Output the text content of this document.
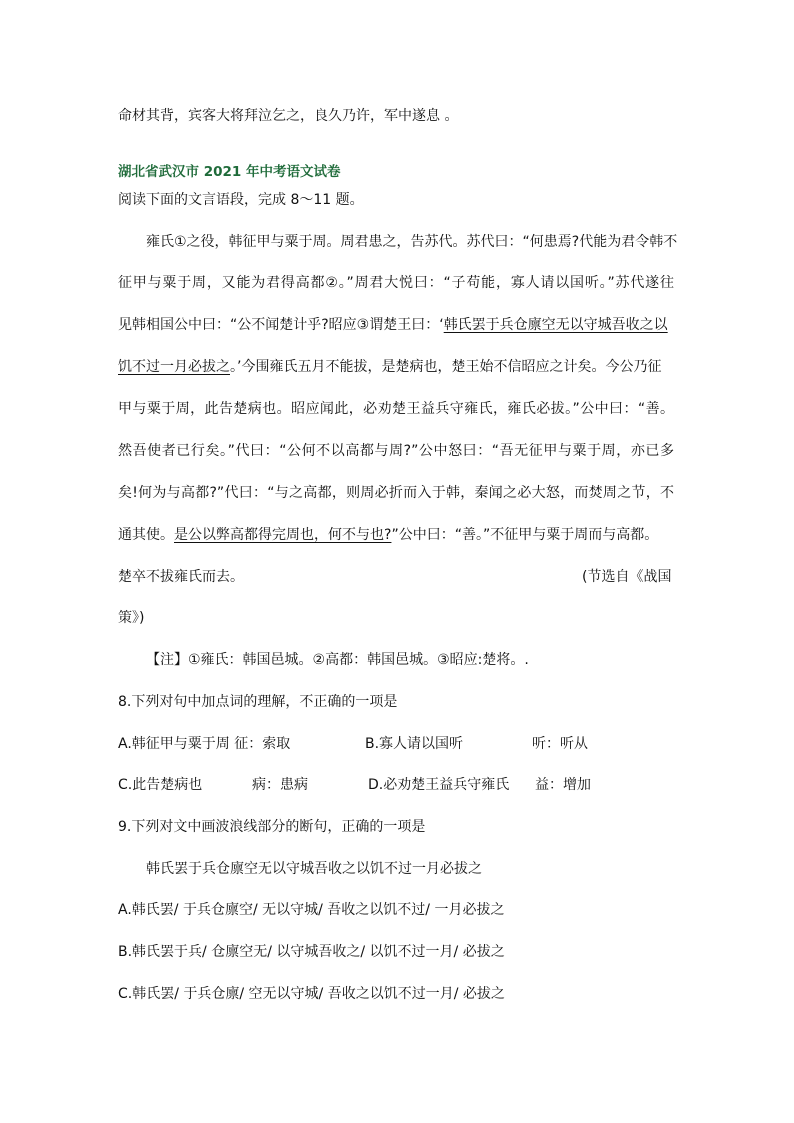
命材其背，宾客大将拜泣乞之，良久乃许，军中遂息 。
湖北省武汉市 2021 年中考语文试卷
阅读下面的文言语段，完成 8～11 题。
雍氏①之役，韩征甲与粟于周。周君患之，告苏代。苏代曰：“何患焉?代能为君令韩不
征甲与粟于周，又能为君得高都②。”周君大悦曰：“子苟能，寡人请以国听。”苏代遂往
见韩相国公中曰：“公不闻楚计乎?昭应③谓楚王曰：‘韩氏罢于兵仓廪空无以守城吾收之以
饥不过一月必拔之。’今围雍氏五月不能拔，是楚病也，楚王始不信昭应之计矣。今公乃征
甲与粟于周，此告楚病也。昭应闻此，必劝楚王益兵守雍氏，雍氏必拔。”公中曰：“善。
然吾使者已行矣。”代曰：“公何不以高都与周?”公中怒曰：“吾无征甲与粟于周，亦已多
矣!何为与高都?”代曰：“与之高都，则周必折而入于韩，秦闻之必大怒，而焚周之节，不
通其使。是公以弊高都得完周也，何不与也?”公中曰：“善。”不征甲与粟于周而与高都。
楚卒不拔雍氏而去。	(节选自《战国
策》)
【注】①雍氏：韩国邑城。②高都：韩国邑城。③昭应:楚将。.
8.下列对句中加点词的理解，不正确的一项是
A.韩征甲与粟于周 征：索取	B.寡人请以国听	听：听从
C.此告楚病也	病：患病	D.必劝楚王益兵守雍氏 益：增加
9.下列对文中画波浪线部分的断句，正确的一项是
韩氏罢于兵仓廪空无以守城吾收之以饥不过一月必拔之
A.韩氏罢/ 于兵仓廪空/ 无以守城/ 吾收之以饥不过/ 一月必拔之
B.韩氏罢于兵/ 仓廪空无/ 以守城吾收之/ 以饥不过一月/ 必拔之
C.韩氏罢/ 于兵仓廪/ 空无以守城/ 吾收之以饥不过一月/ 必拔之
